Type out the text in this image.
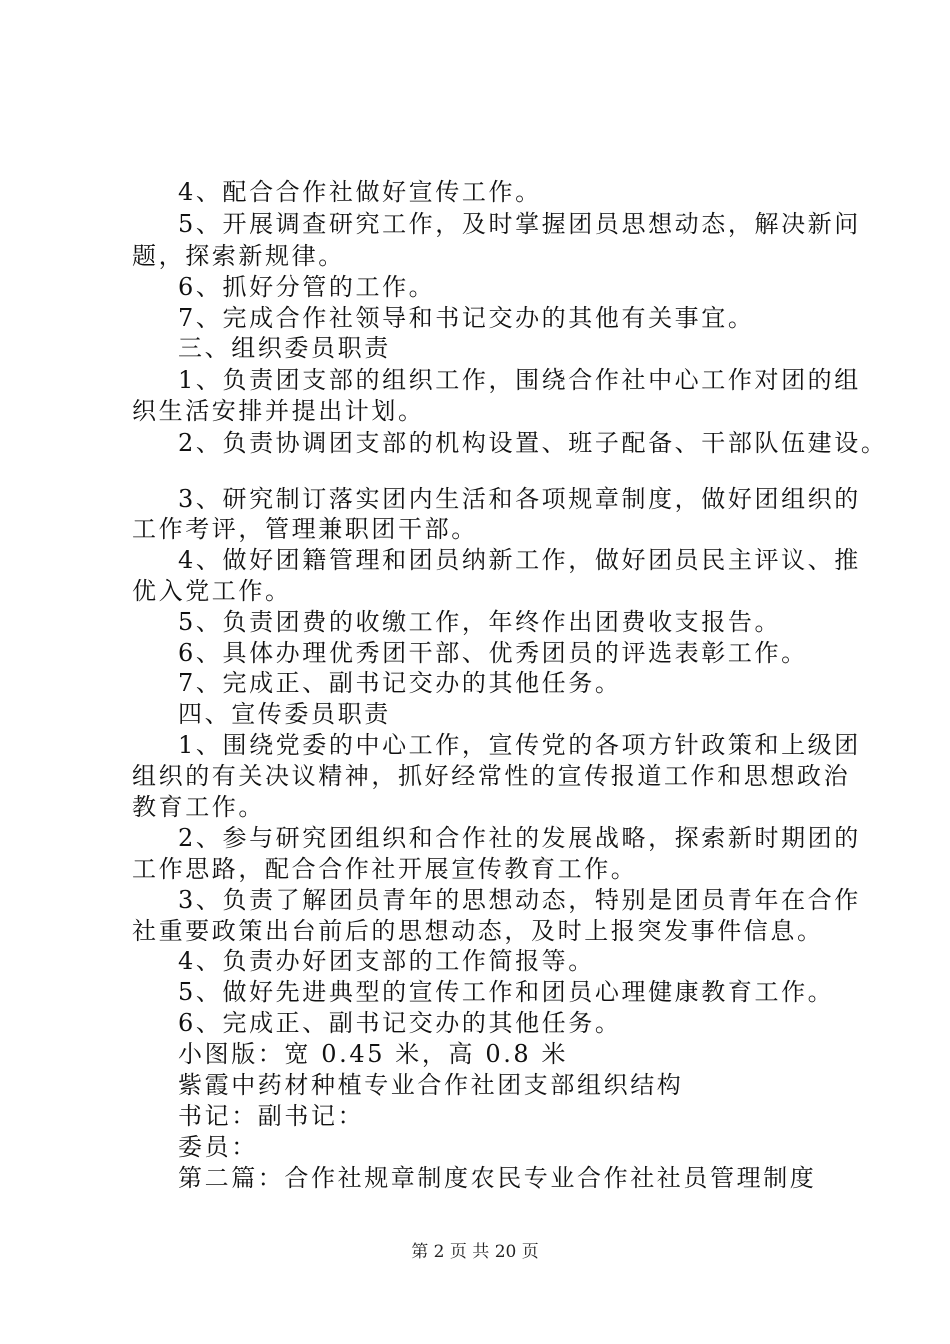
4、配合合作社做好宣传工作。
5、开展调查研究工作，及时掌握团员思想动态，解决新问
题，探索新规律。
6、抓好分管的工作。
7、完成合作社领导和书记交办的其他有关事宜。
三、组织委员职责
1、负责团支部的组织工作，围绕合作社中心工作对团的组
织生活安排并提出计划。
2、负责协调团支部的机构设置、班子配备、干部队伍建设。
3、研究制订落实团内生活和各项规章制度，做好团组织的
工作考评，管理兼职团干部。
4、做好团籍管理和团员纳新工作，做好团员民主评议、推
优入党工作。
5、负责团费的收缴工作，年终作出团费收支报告。
6、具体办理优秀团干部、优秀团员的评选表彰工作。
7、完成正、副书记交办的其他任务。
四、宣传委员职责
1、围绕党委的中心工作，宣传党的各项方针政策和上级团
组织的有关决议精神，抓好经常性的宣传报道工作和思想政治
教育工作。
2、参与研究团组织和合作社的发展战略，探索新时期团的
工作思路，配合合作社开展宣传教育工作。
3、负责了解团员青年的思想动态，特别是团员青年在合作
社重要政策出台前后的思想动态，及时上报突发事件信息。
4、负责办好团支部的工作简报等。
5、做好先进典型的宣传工作和团员心理健康教育工作。
6、完成正、副书记交办的其他任务。
小图版：宽 0.45 米，高 0.8 米
紫霞中药材种植专业合作社团支部组织结构
书记：副书记：
委员：
第二篇：合作社规章制度农民专业合作社社员管理制度
第 2 页 共 20 页
